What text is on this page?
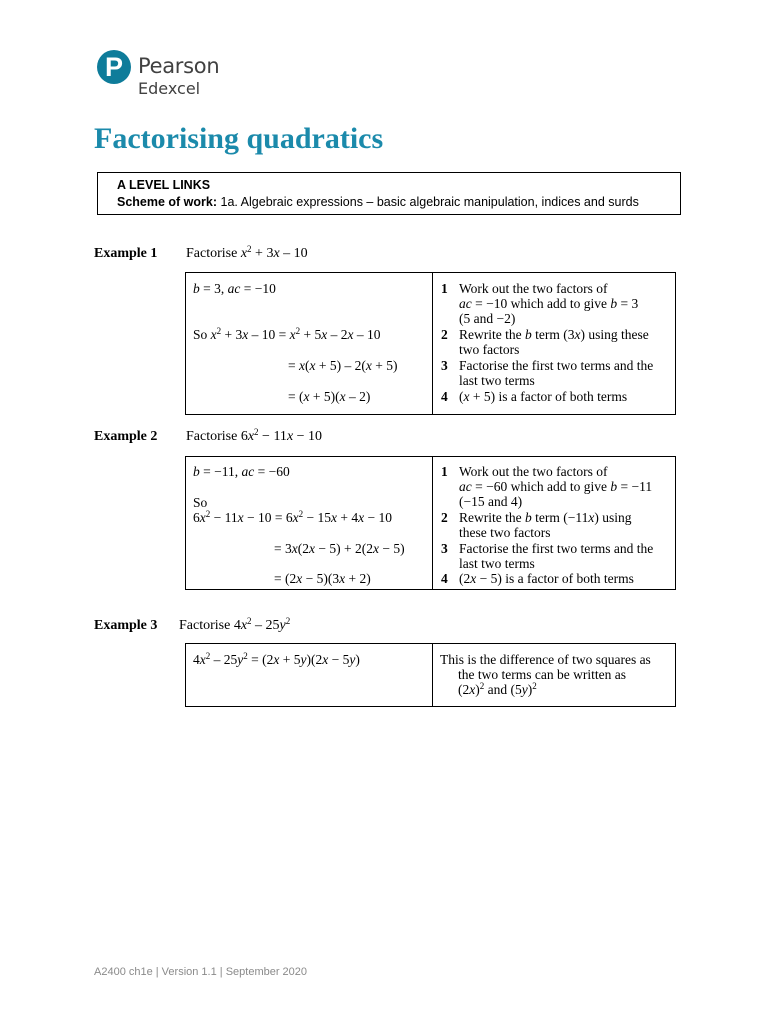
P Pearson
Edexcel
Factorising quadratics
A LEVEL LINKS
Scheme of work: 1a. Algebraic expressions – basic algebraic manipulation, indices and surds
Example 1 Factorise $x^2 + 3x - 10$
b = 3, ac = −10
So $x^2 + 3x - 10 = x^2 + 5x - 2x - 10$
= x(x + 5) – 2(x + 5)
= (x + 5)(x – 2)
1 Work out the two factors of
ac = −10 which add to give b = 3
(5 and −2)
2 Rewrite the b term (3x) using these
two factors
3 Factorise the first two terms and the
last two terms
4 (x + 5) is a factor of both terms
Example 2 Factorise $6x^2 - 11x - 10$
b = −11, ac = −60
So
$6x^2 - 11x - 10 = 6x^2 - 15x + 4x - 10$
= 3x(2x − 5) + 2(2x − 5)
= (2x − 5)(3x + 2)
1 Work out the two factors of
ac = −60 which add to give b = −11
(−15 and 4)
2 Rewrite the b term (−11x) using
these two factors
3 Factorise the first two terms and the
last two terms
4 (2x − 5) is a factor of both terms
Example 3 Factorise $4x^2 - 25y^2$
$4x^2 - 25y^2 = (2x + 5y)(2x - 5y)$	This is the difference of two squares as
the two terms can be written as
$(2x)^2$ and $(5y)^2$
A2400 ch1e | Version 1.1 | September 2020
